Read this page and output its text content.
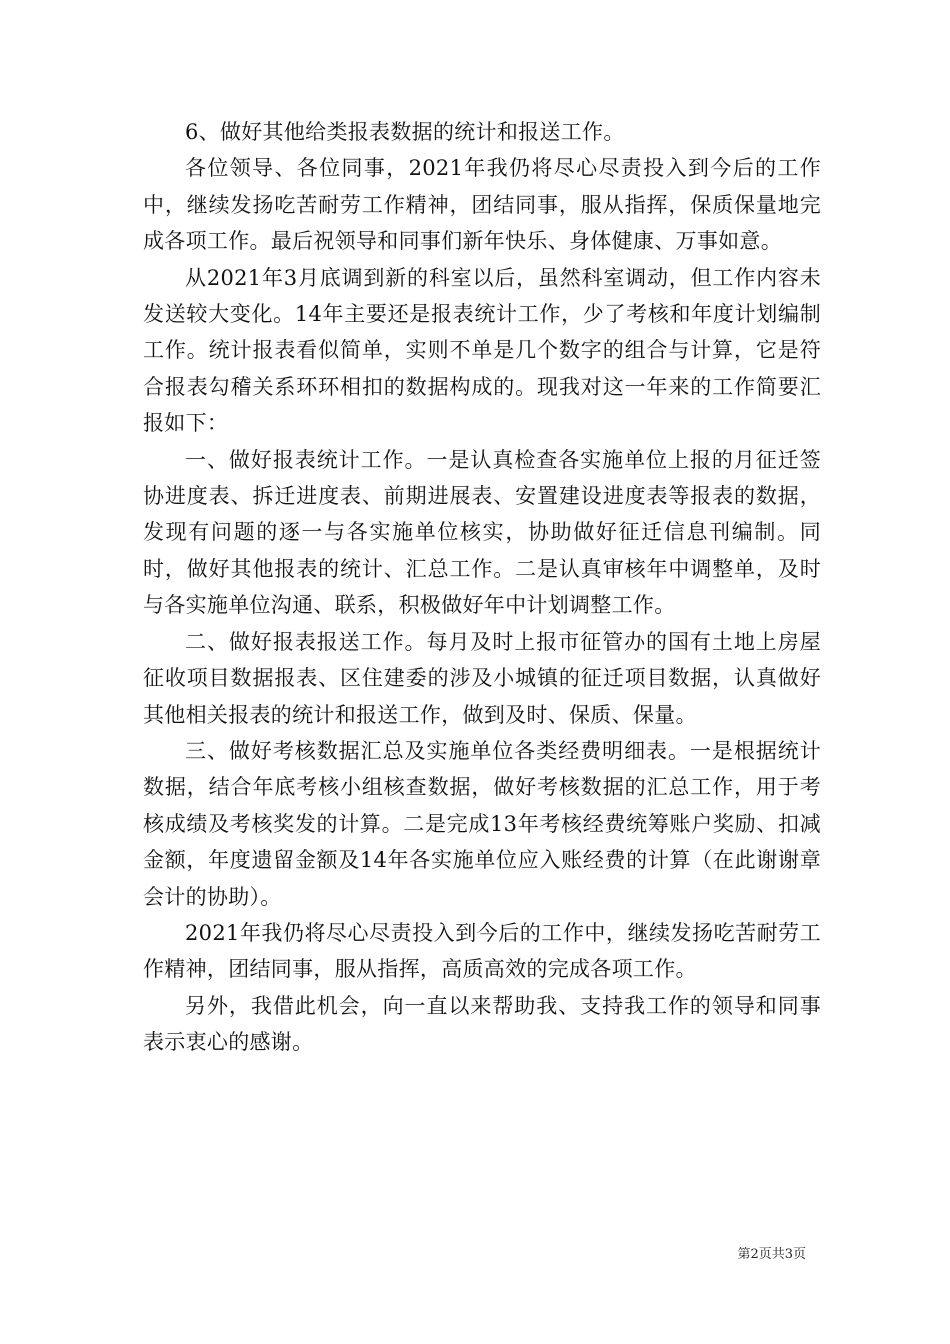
6、做好其他给类报表数据的统计和报送工作。

各位领导、各位同事，2021年我仍将尽心尽责投入到今后的工作中，继续发扬吃苦耐劳工作精神，团结同事，服从指挥，保质保量地完成各项工作。最后祝领导和同事们新年快乐、身体健康、万事如意。

从2021年3月底调到新的科室以后，虽然科室调动，但工作内容未发送较大变化。14年主要还是报表统计工作，少了考核和年度计划编制工作。统计报表看似简单，实则不单是几个数字的组合与计算，它是符合报表勾稽关系环环相扣的数据构成的。现我对这一年来的工作简要汇报如下：

一、做好报表统计工作。一是认真检查各实施单位上报的月征迁签协进度表、拆迁进度表、前期进展表、安置建设进度表等报表的数据，发现有问题的逐一与各实施单位核实，协助做好征迁信息刊编制。同时，做好其他报表的统计、汇总工作。二是认真审核年中调整单，及时与各实施单位沟通、联系，积极做好年中计划调整工作。

二、做好报表报送工作。每月及时上报市征管办的国有土地上房屋征收项目数据报表、区住建委的涉及小城镇的征迁项目数据，认真做好其他相关报表的统计和报送工作，做到及时、保质、保量。

三、做好考核数据汇总及实施单位各类经费明细表。一是根据统计数据，结合年底考核小组核查数据，做好考核数据的汇总工作，用于考核成绩及考核奖发的计算。二是完成13年考核经费统筹账户奖励、扣减金额，年度遗留金额及14年各实施单位应入账经费的计算（在此谢谢章会计的协助）。

2021年我仍将尽心尽责投入到今后的工作中，继续发扬吃苦耐劳工作精神，团结同事，服从指挥，高质高效的完成各项工作。

另外，我借此机会，向一直以来帮助我、支持我工作的领导和同事表示衷心的感谢。

第2页共3页
